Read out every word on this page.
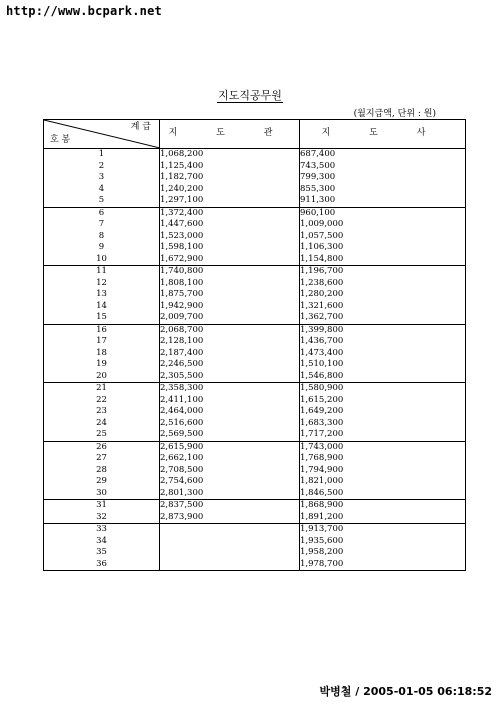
http://www.bcpark.net
지도직공무원
(월지급액, 단위 : 원)
계 급
호 봉	지 도 관	지 도 사
1	1,068,200	687,400
2	1,125,400	743,500
3	1,182,700	799,300
4	1,240,200	855,300
5	1,297,100	911,300
6	1,372,400	960,100
7	1,447,600	1,009,000
8	1,523,000	1,057,500
9	1,598,100	1,106,300
10	1,672,900	1,154,800
11	1,740,800	1,196,700
12	1,808,100	1,238,600
13	1,875,700	1,280,200
14	1,942,900	1,321,600
15	2,009,700	1,362,700
16	2,068,700	1,399,800
17	2,128,100	1,436,700
18	2,187,400	1,473,400
19	2,246,500	1,510,100
20	2,305,500	1,546,800
21	2,358,300	1,580,900
22	2,411,100	1,615,200
23	2,464,000	1,649,200
24	2,516,600	1,683,300
25	2,569,500	1,717,200
26	2,615,900	1,743,000
27	2,662,100	1,768,900
28	2,708,500	1,794,900
29	2,754,600	1,821,000
30	2,801,300	1,846,500
31	2,837,500	1,868,900
32	2,873,900	1,891,200
33		1,913,700
34		1,935,600
35		1,958,200
36		1,978,700
박병철 / 2005-01-05 06:18:52
